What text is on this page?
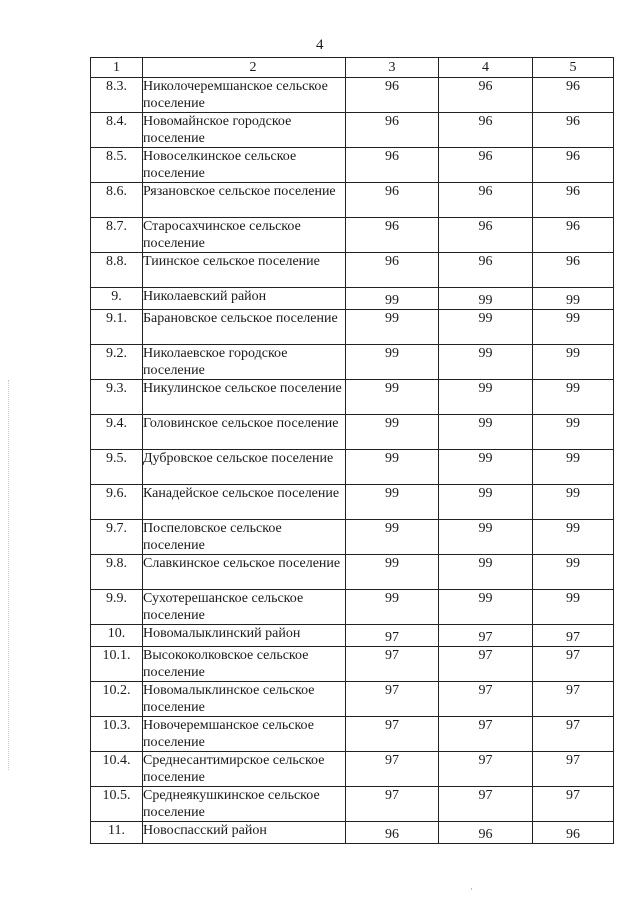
4
1	2	3	4	5
8.3.	Николочеремшанское сельское поселение	96	96	96
8.4.	Новомайнское городское поселение	96	96	96
8.5.	Новоселкинское сельское поселение	96	96	96
8.6.	Рязановское сельское поселение	96	96	96
8.7.	Старосахчинское сельское поселение	96	96	96
8.8.	Тиинское сельское поселение	96	96	96
9.	Николаевский район	99	99	99
9.1.	Барановское сельское поселение	99	99	99
9.2.	Николаевское городское поселение	99	99	99
9.3.	Никулинское сельское поселение	99	99	99
9.4.	Головинское сельское поселение	99	99	99
9.5.	Дубровское сельское поселение	99	99	99
9.6.	Канадейское сельское поселение	99	99	99
9.7.	Поспеловское сельское поселение	99	99	99
9.8.	Славкинское сельское поселение	99	99	99
9.9.	Сухотерешанское сельское поселение	99	99	99
10.	Новомалыклинский район	97	97	97
10.1.	Высококолковское сельское поселение	97	97	97
10.2.	Новомалыклинское сельское поселение	97	97	97
10.3.	Новочеремшанское сельское поселение	97	97	97
10.4.	Среднесантимирское сельское поселение	97	97	97
10.5.	Среднеякушкинское сельское поселение	97	97	97
11.	Новоспасский район	96	96	96
·
